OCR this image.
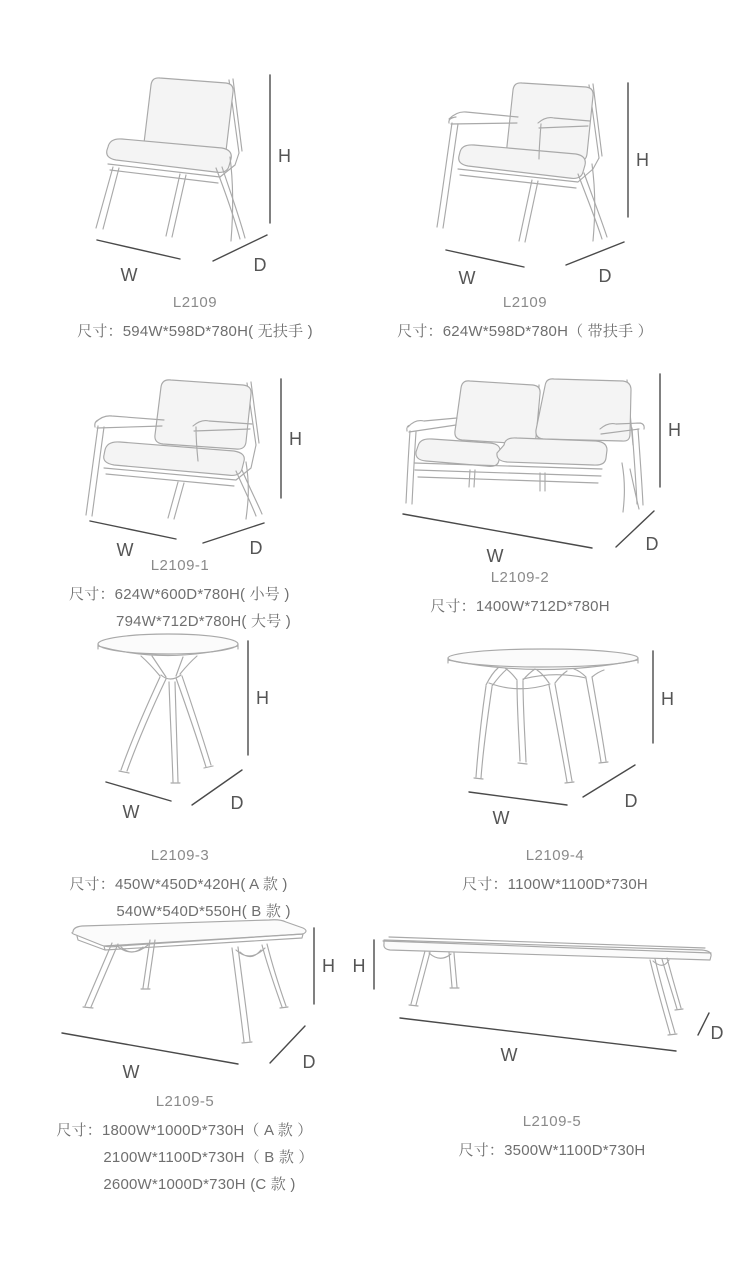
H
W	D
L2109
尺寸：594W*598D*780H( 无扶手 )
H
W	D
L2109
尺寸：624W*598D*780H（ 带扶手 ）
H
W	D
L2109-1
尺寸：624W*600D*780H( 小号 )
794W*712D*780H( 大号 )
H
W
D
L2109-2
尺寸：1400W*712D*780H
H
W	D
L2109-3
尺寸：450W*450D*420H( A 款 )
540W*540D*550H( B 款 )
H
W
D
L2109-4
尺寸：1100W*1100D*730H
H
W	D
L2109-5
尺寸：1800W*1000D*730H（ A 款 ）
2100W*1100D*730H（ B 款 ）
2600W*1000D*730H (C 款 )
H
W
D
L2109-5
尺寸：3500W*1100D*730H
